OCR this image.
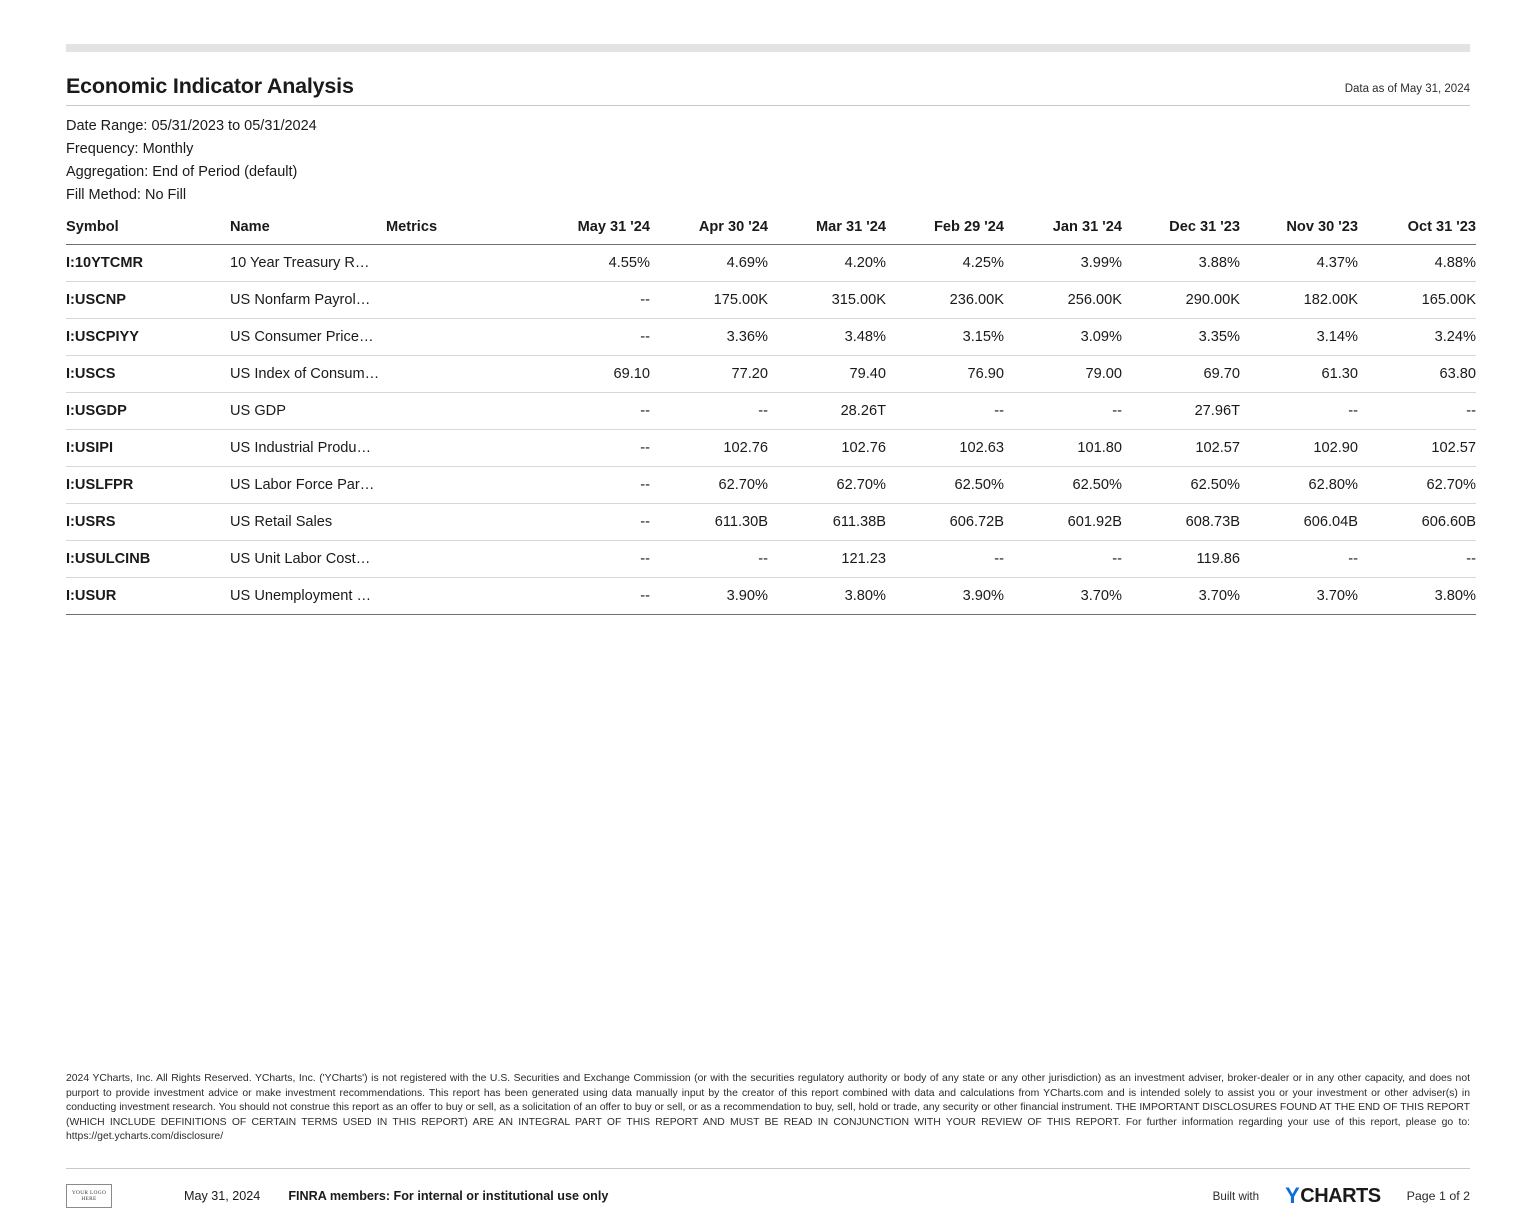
Economic Indicator Analysis	Data as of May 31, 2024
Date Range: 05/31/2023 to 05/31/2024
Frequency: Monthly
Aggregation: End of Period (default)
Fill Method: No Fill
Symbol	Name	Metrics	May 31 '24	Apr 30 '24	Mar 31 '24	Feb 29 '24	Jan 31 '24	Dec 31 '23	Nov 30 '23	Oct 31 '23
I:10YTCMR	10 Year Treasury R…		4.55%	4.69%	4.20%	4.25%	3.99%	3.88%	4.37%	4.88%
I:USCNP	US Nonfarm Payrol…		--	175.00K	315.00K	236.00K	256.00K	290.00K	182.00K	165.00K
I:USCPIYY	US Consumer Price…		--	3.36%	3.48%	3.15%	3.09%	3.35%	3.14%	3.24%
I:USCS	US Index of Consum…		69.10	77.20	79.40	76.90	79.00	69.70	61.30	63.80
I:USGDP	US GDP		--	--	28.26T	--	--	27.96T	--	--
I:USIPI	US Industrial Produ…		--	102.76	102.76	102.63	101.80	102.57	102.90	102.57
I:USLFPR	US Labor Force Par…		--	62.70%	62.70%	62.50%	62.50%	62.50%	62.80%	62.70%
I:USRS	US Retail Sales		--	611.30B	611.38B	606.72B	601.92B	608.73B	606.04B	606.60B
I:USULCINB	US Unit Labor Cost…		--	--	121.23	--	--	119.86	--	--
I:USUR	US Unemployment …		--	3.90%	3.80%	3.90%	3.70%	3.70%	3.70%	3.80%
2024 YCharts, Inc. All Rights Reserved. YCharts, Inc. ('YCharts') is not registered with the U.S. Securities and Exchange Commission (or with the securities regulatory authority or body of any state or any other jurisdiction) as an investment adviser, broker-dealer or in any other capacity, and does not purport to provide investment advice or make investment recommendations. This report has been generated using data manually input by the creator of this report combined with data and calculations from YCharts.com and is intended solely to assist you or your investment or other adviser(s) in conducting investment research. You should not construe this report as an offer to buy or sell, as a solicitation of an offer to buy or sell, or as a recommendation to buy, sell, hold or trade, any security or other financial instrument. THE IMPORTANT DISCLOSURES FOUND AT THE END OF THIS REPORT (WHICH INCLUDE DEFINITIONS OF CERTAIN TERMS USED IN THIS REPORT) ARE AN INTEGRAL PART OF THIS REPORT AND MUST BE READ IN CONJUNCTION WITH YOUR REVIEW OF THIS REPORT. For further information regarding your use of this report, please go to: https://get.ycharts.com/disclosure/
YOUR LOGO
HERE	May 31, 2024 FINRA members: For internal or institutional use only	Built with Y CHARTS Page 1 of 2
